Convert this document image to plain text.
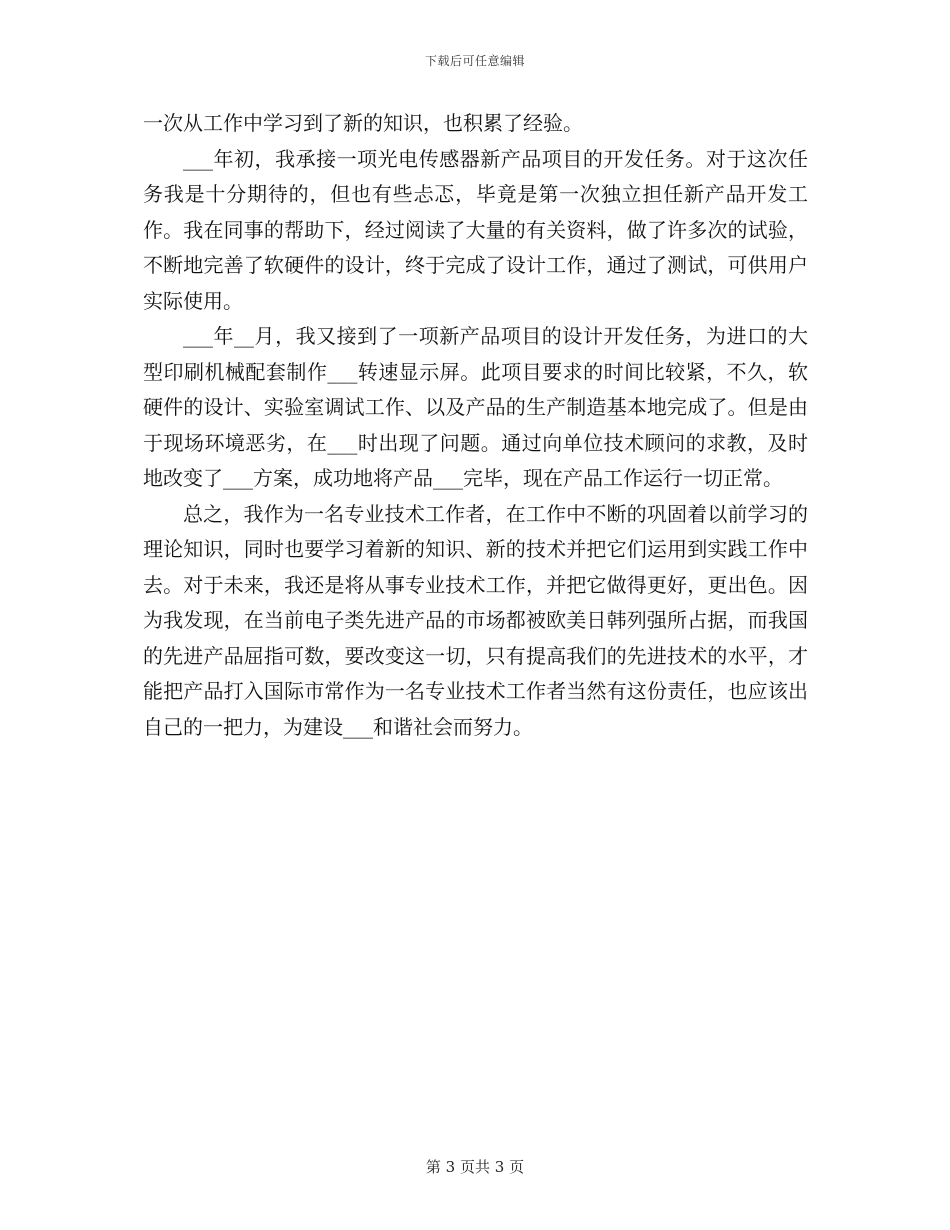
下载后可任意编辑

一次从工作中学习到了新的知识，也积累了经验。

___年初，我承接一项光电传感器新产品项目的开发任务。对于这次任务我是十分期待的，但也有些忐忑，毕竟是第一次独立担任新产品开发工作。我在同事的帮助下，经过阅读了大量的有关资料，做了许多次的试验，不断地完善了软硬件的设计，终于完成了设计工作，通过了测试，可供用户实际使用。

___年__月，我又接到了一项新产品项目的设计开发任务，为进口的大型印刷机械配套制作___转速显示屏。此项目要求的时间比较紧，不久，软硬件的设计、实验室调试工作、以及产品的生产制造基本地完成了。但是由于现场环境恶劣，在___时出现了问题。通过向单位技术顾问的求教，及时地改变了___方案，成功地将产品___完毕，现在产品工作运行一切正常。

总之，我作为一名专业技术工作者，在工作中不断的巩固着以前学习的理论知识，同时也要学习着新的知识、新的技术并把它们运用到实践工作中去。对于未来，我还是将从事专业技术工作，并把它做得更好，更出色。因为我发现，在当前电子类先进产品的市场都被欧美日韩列强所占据，而我国的先进产品屈指可数，要改变这一切，只有提高我们的先进技术的水平，才能把产品打入国际市常作为一名专业技术工作者当然有这份责任，也应该出自己的一把力，为建设___和谐社会而努力。

第 3 页共 3 页
